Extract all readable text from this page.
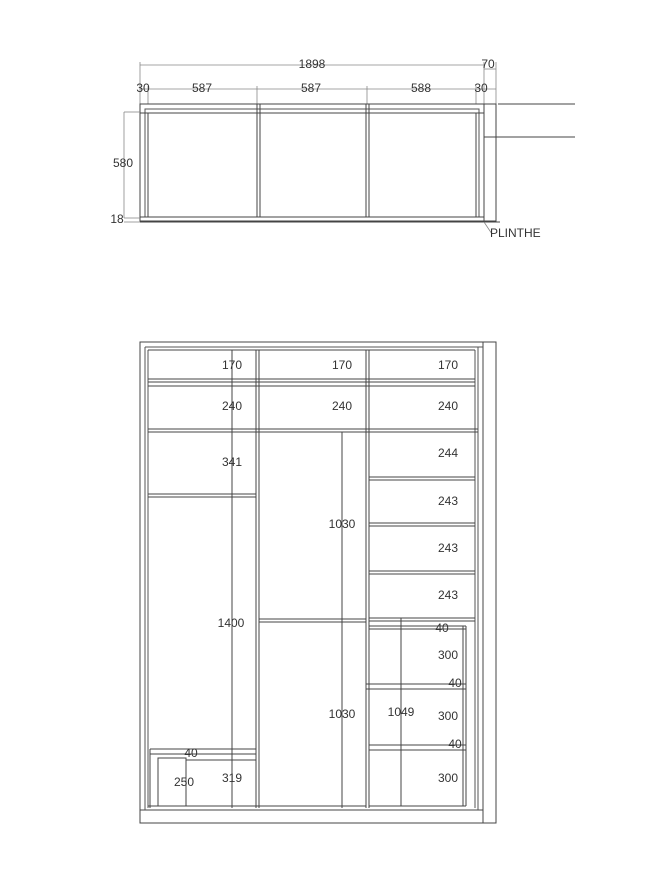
1898	70
30	587	587	588	30
580
18
PLINTHE
170
240
341
1400
40
250 319
170
240
1030
1030
170
240
244
243
243
243
40
300
40
1049 300
40
300
